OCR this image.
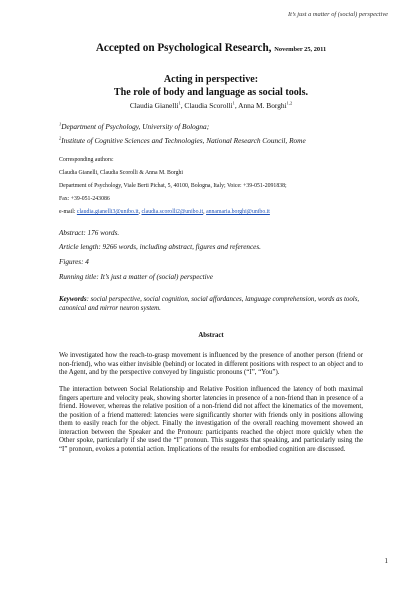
It’s just a matter of (social) perspective

Accepted on Psychological Research, November 25, 2011

Acting in perspective:
The role of body and language as social tools.

Claudia Gianelli$^1$, Claudia Scorolli$^1$, Anna M. Borghi$^{1,2}$

$^1$Department of Psychology, University of Bologna;

$^2$Institute of Cognitive Sciences and Technologies, National Research Council, Rome

Corresponding authors:

Claudia Gianelli, Claudia Scorolli & Anna M. Borghi

Department of Psychology, Viale Berti Pichat, 5, 40100, Bologna, Italy; Voice: +39-051-2091838;

Fax: +39-051-243086

e-mail: claudia.gianelli3@unibo.it, claudia.scorolli2@unibo.it, annamaria.borghi@unibo.it

Abstract: 176 words.

Article length: 9266 words, including abstract, figures and references.

Figures: 4

Running title: It’s just a matter of (social) perspective

Keywords: social perspective, social cognition, social affordances, language comprehension, words as tools, canonical and mirror neuron system.

Abstract

We investigated how the reach-to-grasp movement is influenced by the presence of another person (friend or non-friend), who was either invisible (behind) or located in different positions with respect to an object and to the Agent, and by the perspective conveyed by linguistic pronouns (“I”, “You”).

The interaction between Social Relationship and Relative Position influenced the latency of both maximal fingers aperture and velocity peak, showing shorter latencies in presence of a non-friend than in presence of a friend. However, whereas the relative position of a non-friend did not affect the kinematics of the movement, the position of a friend mattered: latencies were significantly shorter with friends only in positions allowing them to easily reach for the object. Finally the investigation of the overall reaching movement showed an interaction between the Speaker and the Pronoun: participants reached the object more quickly when the Other spoke, particularly if she used the “I” pronoun. This suggests that speaking, and particularly using the “I” pronoun, evokes a potential action. Implications of the results for embodied cognition are discussed.

1
